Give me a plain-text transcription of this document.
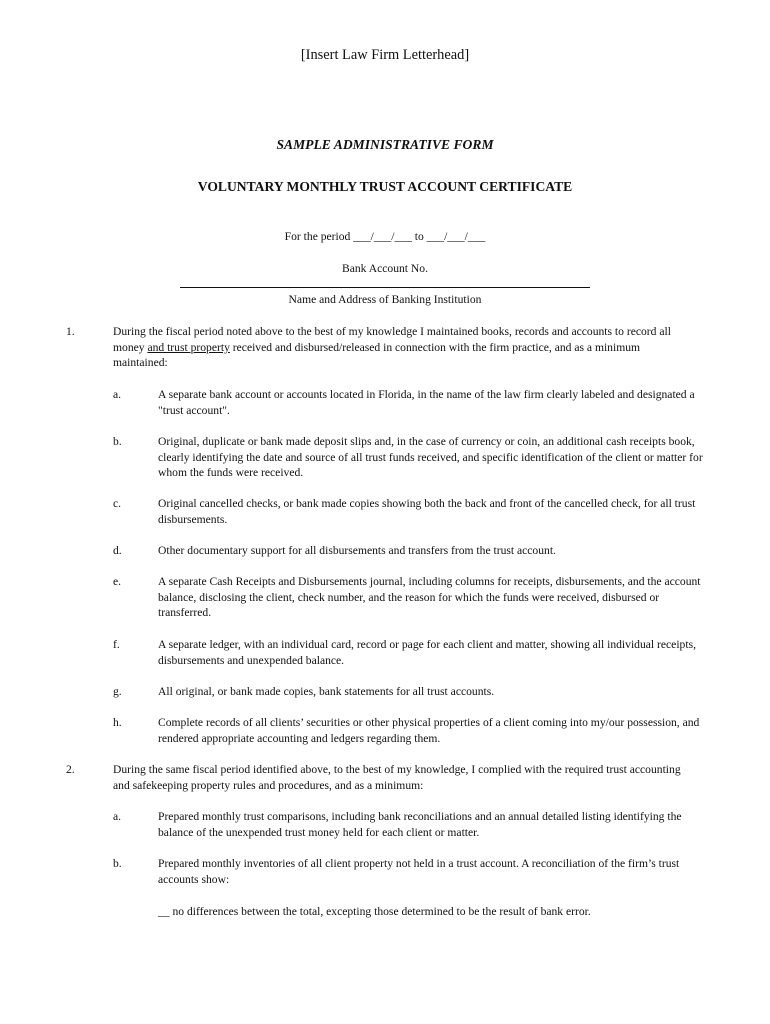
[Insert Law Firm Letterhead]
SAMPLE ADMINISTRATIVE FORM
VOLUNTARY MONTHLY TRUST ACCOUNT CERTIFICATE
For the period ___/___/___ to ___/___/___
Bank Account No.
Name and Address of Banking Institution
1.	During the fiscal period noted above to the best of my knowledge I maintained books, records and accounts to record all money and trust property received and disbursed/released in connection with the firm practice, and as a minimum maintained:
a.	A separate bank account or accounts located in Florida, in the name of the law firm clearly labeled and designated a "trust account".
b.	Original, duplicate or bank made deposit slips and, in the case of currency or coin, an additional cash receipts book, clearly identifying the date and source of all trust funds received, and specific identification of the client or matter for whom the funds were received.
c.	Original cancelled checks, or bank made copies showing both the back and front of the cancelled check, for all trust disbursements.
d.	Other documentary support for all disbursements and transfers from the trust account.
e.	A separate Cash Receipts and Disbursements journal, including columns for receipts, disbursements, and the account balance, disclosing the client, check number, and the reason for which the funds were received, disbursed or transferred.
f.	A separate ledger, with an individual card, record or page for each client and matter, showing all individual receipts, disbursements and unexpended balance.
g.	All original, or bank made copies, bank statements for all trust accounts.
h.	Complete records of all clients’ securities or other physical properties of a client coming into my/our possession, and rendered appropriate accounting and ledgers regarding them.
2.	During the same fiscal period identified above, to the best of my knowledge, I complied with the required trust accounting and safekeeping property rules and procedures, and as a minimum:
a.	Prepared monthly trust comparisons, including bank reconciliations and an annual detailed listing identifying the balance of the unexpended trust money held for each client or matter.
b.	Prepared monthly inventories of all client property not held in a trust account. A reconciliation of the firm’s trust accounts show:
__ no differences between the total, excepting those determined to be the result of bank error.
